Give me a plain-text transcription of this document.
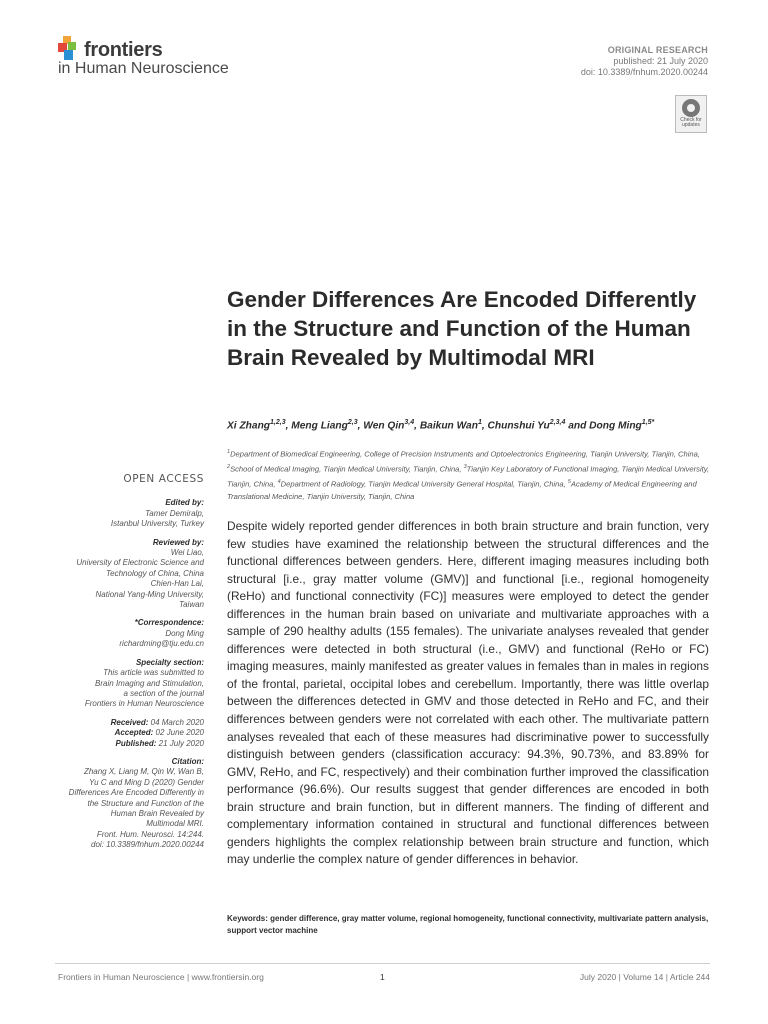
frontiers
in Human Neuroscience
ORIGINAL RESEARCH
published: 21 July 2020
doi: 10.3389/fnhum.2020.00244
Check for
updates
Gender Differences Are Encoded Differently in the Structure and Function of the Human Brain Revealed by Multimodal MRI
Xi Zhang$^{1,2,3}$, Meng Liang$^{2,3}$, Wen Qin$^{3,4}$, Baikun Wan$^1$, Chunshui Yu$^{2,3,4}$ and Dong Ming$^{1,5*}$
$^1$Department of Biomedical Engineering, College of Precision Instruments and Optoelectronics Engineering, Tianjin University, Tianjin, China, $^2$School of Medical Imaging, Tianjin Medical University, Tianjin, China, $^3$Tianjin Key Laboratory of Functional Imaging, Tianjin Medical University, Tianjin, China, $^4$Department of Radiology, Tianjin Medical University General Hospital, Tianjin, China, $^5$Academy of Medical Engineering and Translational Medicine, Tianjin University, Tianjin, China
OPEN ACCESS
Edited by:
Tamer Demiralp,
Istanbul University, Turkey
Reviewed by:
Wei Liao,
University of Electronic Science and
Technology of China, China
Chien-Han Lai,
National Yang-Ming University,
Taiwan
*Correspondence:
Dong Ming
richardming@tju.edu.cn
Specialty section:
This article was submitted to
Brain Imaging and Stimulation,
a section of the journal
Frontiers in Human Neuroscience
Received: 04 March 2020
Accepted: 02 June 2020
Published: 21 July 2020
Citation:
Zhang X, Liang M, Qin W, Wan B,
Yu C and Ming D (2020) Gender
Differences Are Encoded Differently in
the Structure and Function of the
Human Brain Revealed by
Multimodal MRI.
Front. Hum. Neurosci. 14:244.
doi: 10.3389/fnhum.2020.00244
Despite widely reported gender differences in both brain structure and brain function, very few studies have examined the relationship between the structural differences and the functional differences between genders. Here, different imaging measures including both structural [i.e., gray matter volume (GMV)] and functional [i.e., regional homogeneity (ReHo) and functional connectivity (FC)] measures were employed to detect the gender differences in the human brain based on univariate and multivariate approaches with a sample of 290 healthy adults (155 females). The univariate analyses revealed that gender differences were detected in both structural (i.e., GMV) and functional (ReHo or FC) imaging measures, mainly manifested as greater values in females than in males in regions of the frontal, parietal, occipital lobes and cerebellum. Importantly, there was little overlap between the differences detected in GMV and those detected in ReHo and FC, and their differences between genders were not correlated with each other. The multivariate pattern analyses revealed that each of these measures had discriminative power to successfully distinguish between genders (classification accuracy: 94.3%, 90.73%, and 83.89% for GMV, ReHo, and FC, respectively) and their combination further improved the classification performance (96.6%). Our results suggest that gender differences are encoded in both brain structure and brain function, but in different manners. The finding of different and complementary information contained in structural and functional differences between genders highlights the complex relationship between brain structure and function, which may underlie the complex nature of gender differences in behavior.
Keywords: gender difference, gray matter volume, regional homogeneity, functional connectivity, multivariate pattern analysis, support vector machine
Frontiers in Human Neuroscience | www.frontiersin.org	1	July 2020 | Volume 14 | Article 244
